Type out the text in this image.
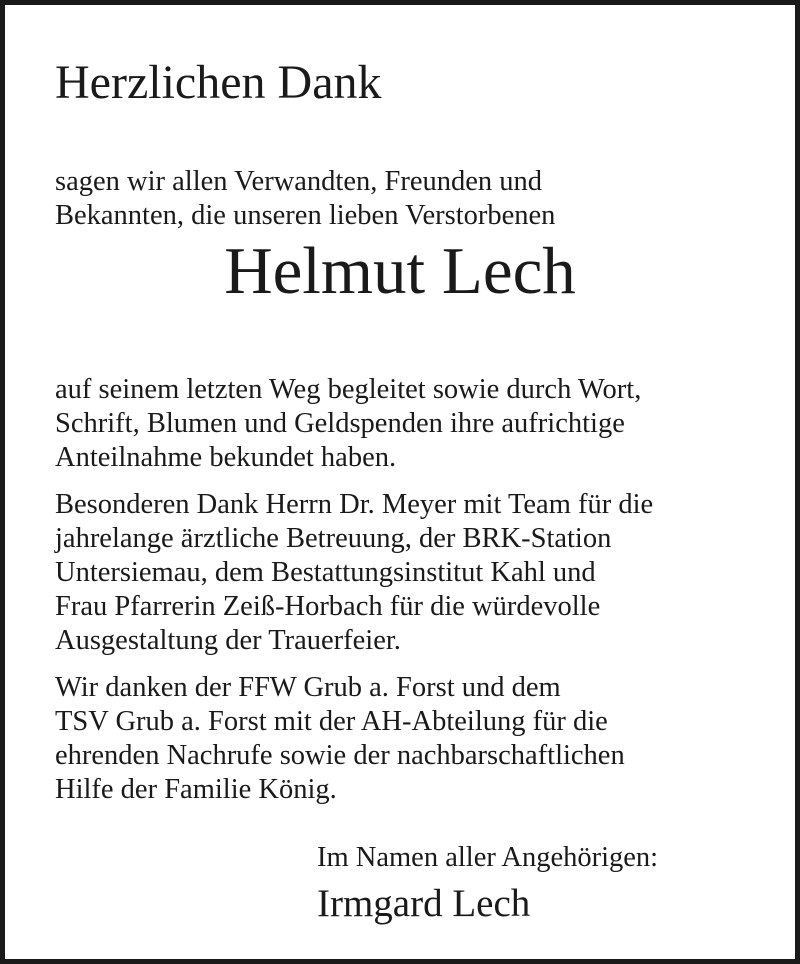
Herzlichen Dank

sagen wir allen Verwandten, Freunden und
Bekannten, die unseren lieben Verstorbenen

Helmut Lech

auf seinem letzten Weg begleitet sowie durch Wort,
Schrift, Blumen und Geldspenden ihre aufrichtige
Anteilnahme bekundet haben.

Besonderen Dank Herrn Dr. Meyer mit Team für die
jahrelange ärztliche Betreuung, der BRK-Station
Untersiemau, dem Bestattungsinstitut Kahl und
Frau Pfarrerin Zeiß-Horbach für die würdevolle
Ausgestaltung der Trauerfeier.

Wir danken der FFW Grub a. Forst und dem
TSV Grub a. Forst mit der AH-Abteilung für die
ehrenden Nachrufe sowie der nachbarschaftlichen
Hilfe der Familie König.

Im Namen aller Angehörigen:

Irmgard Lech
